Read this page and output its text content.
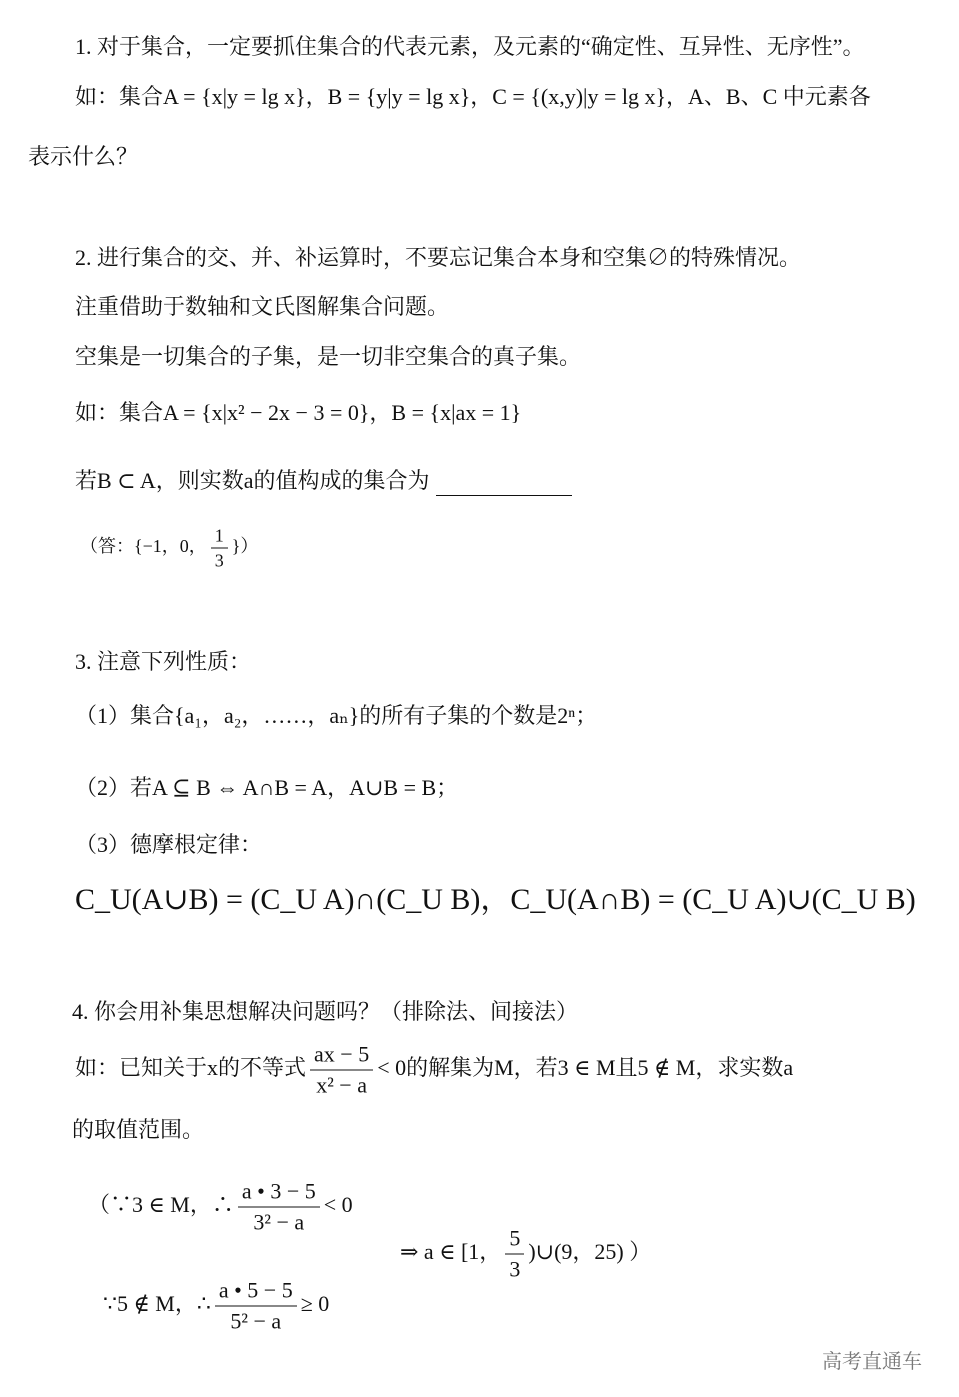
1. 对于集合，一定要抓住集合的代表元素，及元素的“确定性、互异性、无序性”。
如：集合A = {x|y = lg x}，B = {y|y = lg x}，C = {(x,y)|y = lg x}，A、B、C 中元素各
表示什么？
2. 进行集合的交、并、补运算时，不要忘记集合本身和空集∅的特殊情况。
注重借助于数轴和文氏图解集合问题。
空集是一切集合的子集，是一切非空集合的真子集。
如：集合A = {x|x² − 2x − 3 = 0}，B = {x|ax = 1}
若B ⊂ A，则实数a的值构成的集合为
（答：{−1，0， $\frac{1}{3}$ }）
3. 注意下列性质：
（1）集合{a₁，a₂，……，aₙ}的所有子集的个数是2ⁿ；
（2）若A ⊆ B ⇔ A∩B = A，A∪B = B；
（3）德摩根定律：
C_U(A∪B) = (C_U A)∩(C_U B)，C_U(A∩B) = (C_U A)∪(C_U B)
4. 你会用补集思想解决问题吗？（排除法、间接法）
如：已知关于x的不等式 $\frac{ax - 5}{\text{x² − a}} < 0$的解集为M，若3 ∈ M且5 ∉ M，求实数a
的取值范围。
（∵3 ∈ M，∴ $\frac{a • 3 - 5}{\text{3² − a}} < 0$
∵5 ∉ M，∴ $\frac{a • 5 - 5}{\text{5² − a}} \ge 0$
⇒ a ∈ [1， $\frac{5}{3}$ )∪(9，25) ）
高考直通车
